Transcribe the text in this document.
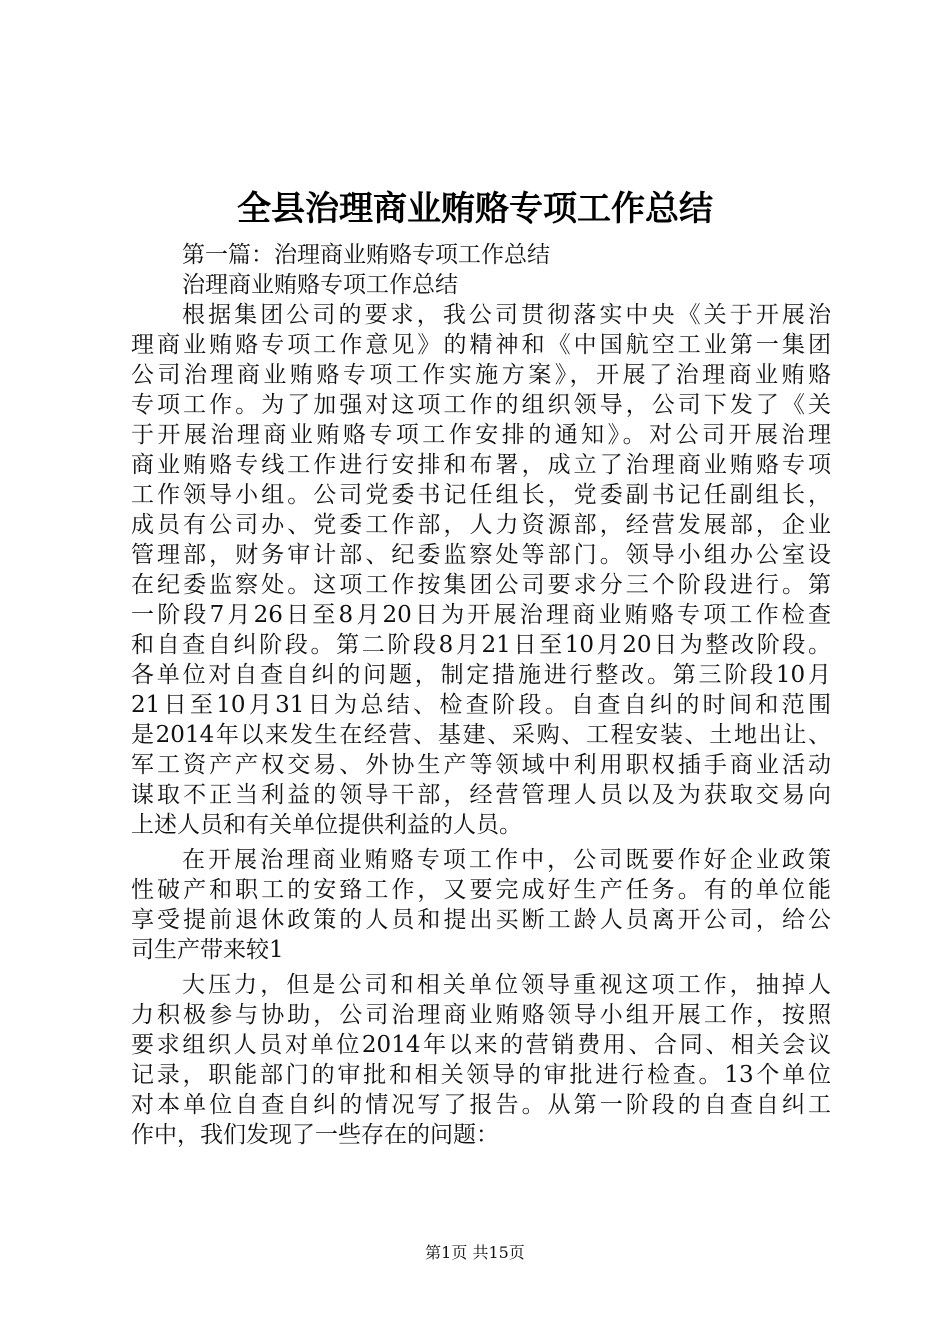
全县治理商业贿赂专项工作总结
第一篇：治理商业贿赂专项工作总结
治理商业贿赂专项工作总结
根据集团公司的要求，我公司贯彻落实中央《关于开展治
理商业贿赂专项工作意见》的精神和《中国航空工业第一集团
公司治理商业贿赂专项工作实施方案》，开展了治理商业贿赂
专项工作。为了加强对这项工作的组织领导，公司下发了《关
于开展治理商业贿赂专项工作安排的通知》。对公司开展治理
商业贿赂专线工作进行安排和布署，成立了治理商业贿赂专项
工作领导小组。公司党委书记任组长，党委副书记任副组长，
成员有公司办、党委工作部，人力资源部，经营发展部，企业
管理部，财务审计部、纪委监察处等部门。领导小组办公室设
在纪委监察处。这项工作按集团公司要求分三个阶段进行。第
一阶段7月26日至8月20日为开展治理商业贿赂专项工作检查
和自查自纠阶段。第二阶段8月21日至10月20日为整改阶段。
各单位对自查自纠的问题，制定措施进行整改。第三阶段10月
21日至10月31日为总结、检查阶段。自查自纠的时间和范围
是2014年以来发生在经营、基建、采购、工程安装、土地出让、
军工资产产权交易、外协生产等领域中利用职权插手商业活动
谋取不正当利益的领导干部，经营管理人员以及为获取交易向
上述人员和有关单位提供利益的人员。
在开展治理商业贿赂专项工作中，公司既要作好企业政策
性破产和职工的安臵工作，又要完成好生产任务。有的单位能
享受提前退休政策的人员和提出买断工龄人员离开公司，给公
司生产带来较1
大压力，但是公司和相关单位领导重视这项工作，抽掉人
力积极参与协助，公司治理商业贿赂领导小组开展工作，按照
要求组织人员对单位2014年以来的营销费用、合同、相关会议
记录，职能部门的审批和相关领导的审批进行检查。13个单位
对本单位自查自纠的情况写了报告。从第一阶段的自查自纠工
作中，我们发现了一些存在的问题：
第1页 共15页
